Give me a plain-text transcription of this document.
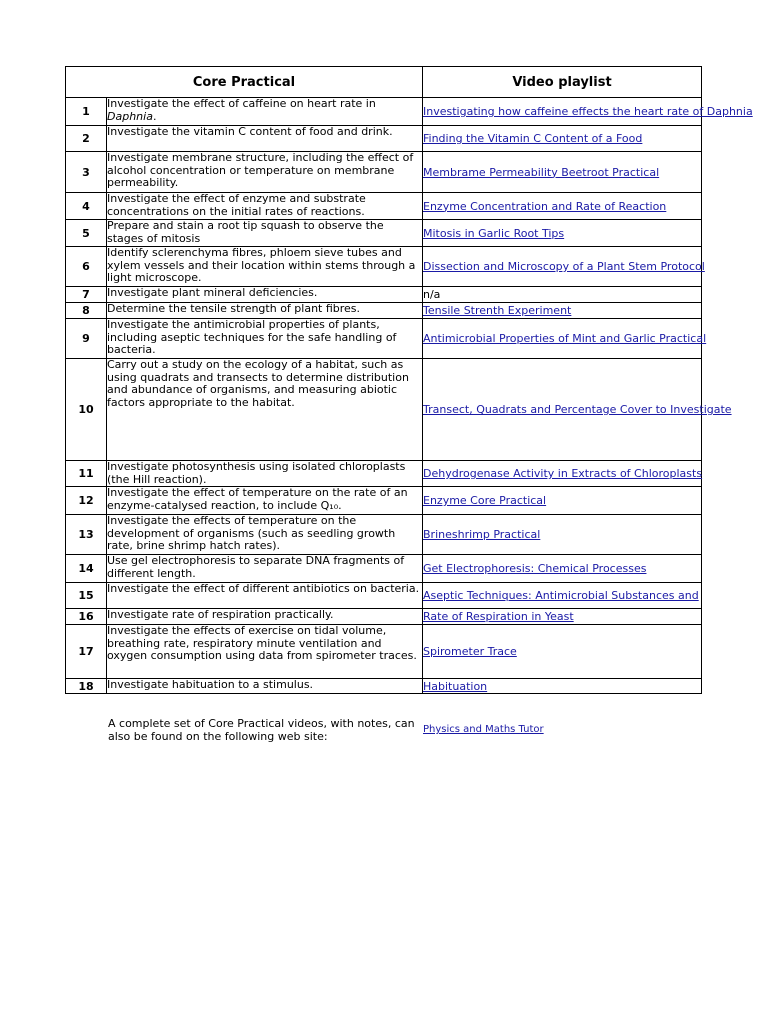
Core Practical		Video playlist
1	Investigate the effect of caffeine on heart rate in Daphnia.	Investigating how caffeine effects the heart rate of Daphnia
2	Investigate the vitamin C content of food and drink.	Finding the Vitamin C Content of a Food
3	Investigate membrane structure, including the effect of alcohol concentration or temperature on membrane permeability.	Membrame Permeability Beetroot Practical
4	Investigate the effect of enzyme and substrate concentrations on the initial rates of reactions.	Enzyme Concentration and Rate of Reaction
5	Prepare and stain a root tip squash to observe the stages of mitosis	Mitosis in Garlic Root Tips
6	Identify sclerenchyma fibres, phloem sieve tubes and xylem vessels and their location within stems through a light microscope.	Dissection and Microscopy of a Plant Stem Protocol
7	Investigate plant mineral deficiencies.	n/a
8	Determine the tensile strength of plant fibres.	Tensile Strenth Experiment
9	Investigate the antimicrobial properties of plants, including aseptic techniques for the safe handling of bacteria.	Antimicrobial Properties of Mint and Garlic Practical
10	Carry out a study on the ecology of a habitat, such as using quadrats and transects to determine distribution and abundance of organisms, and measuring abiotic factors appropriate to the habitat.	Transect, Quadrats and Percentage Cover to Investigate
11	Investigate photosynthesis using isolated chloroplasts (the Hill reaction).	Dehydrogenase Activity in Extracts of Chloroplasts
12	Investigate the effect of temperature on the rate of an enzyme-catalysed reaction, to include Q₁₀.	Enzyme Core Practical
13	Investigate the effects of temperature on the development of organisms (such as seedling growth rate, brine shrimp hatch rates).	Brineshrimp Practical
14	Use gel electrophoresis to separate DNA fragments of different length.	Get Electrophoresis: Chemical Processes
15	Investigate the effect of different antibiotics on bacteria.	Aseptic Techniques: Antimicrobial Substances and
16	Investigate rate of respiration practically.	Rate of Respiration in Yeast
17	Investigate the effects of exercise on tidal volume, breathing rate, respiratory minute ventilation and oxygen consumption using data from spirometer traces.	Spirometer Trace
18	Investigate habituation to a stimulus.	Habituation
A complete set of Core Practical videos, with notes, can also be found on the following web site:	Physics and Maths Tutor
